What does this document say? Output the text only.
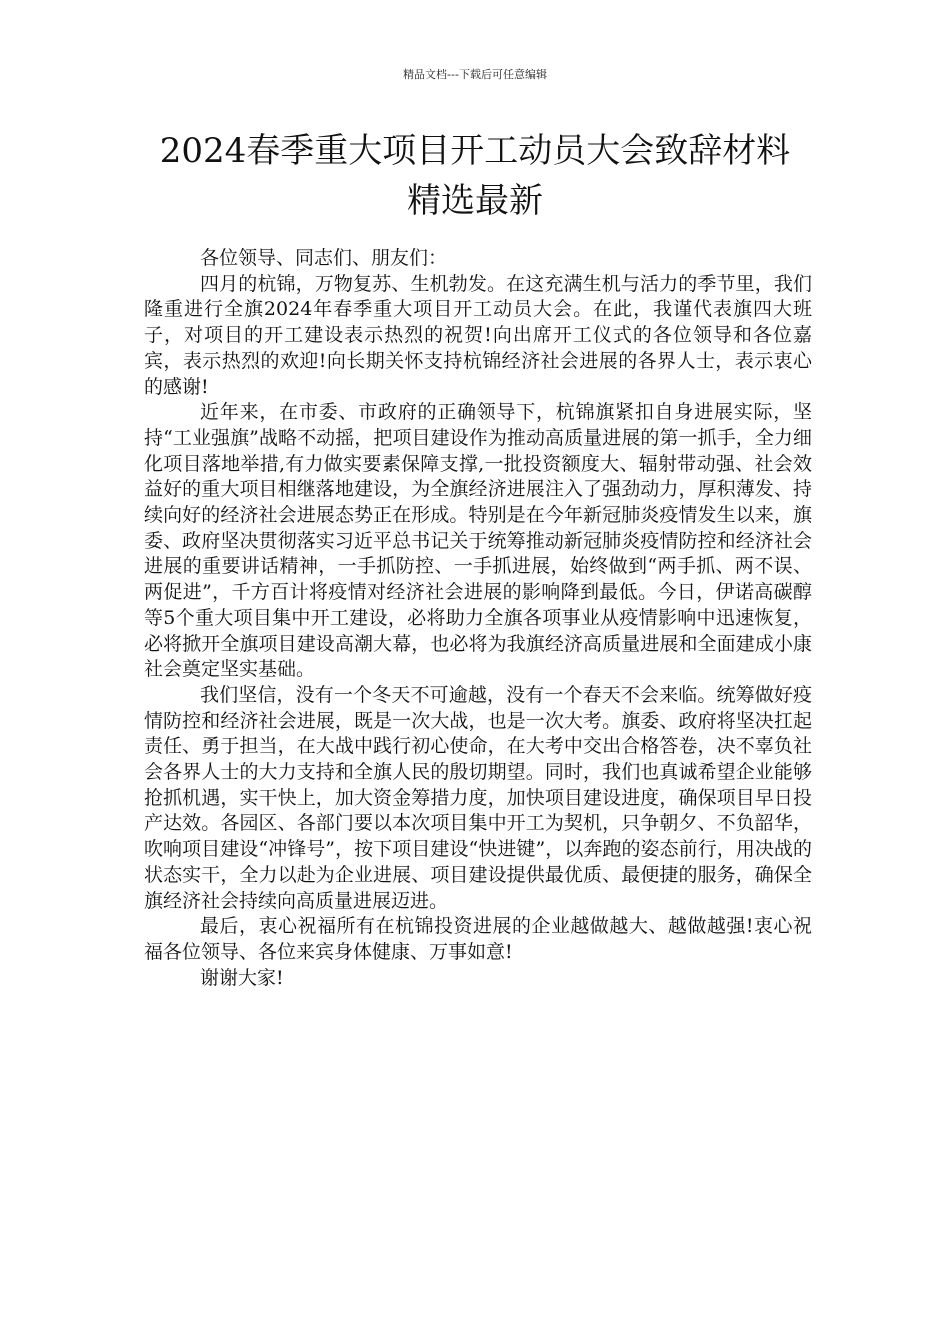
精品文档---下载后可任意编辑
2024春季重大项目开工动员大会致辞材料
精选最新

各位领导、同志们、朋友们：

四月的杭锦，万物复苏、生机勃发。在这充满生机与活力的季节里，我们隆重进行全旗2024年春季重大项目开工动员大会。在此，我谨代表旗四大班子，对项目的开工建设表示热烈的祝贺!向出席开工仪式的各位领导和各位嘉宾，表示热烈的欢迎!向长期关怀支持杭锦经济社会进展的各界人士，表示衷心的感谢!

近年来，在市委、市政府的正确领导下，杭锦旗紧扣自身进展实际，坚持“工业强旗”战略不动摇，把项目建设作为推动高质量进展的第一抓手，全力细化项目落地举措,有力做实要素保障支撑,一批投资额度大、辐射带动强、社会效益好的重大项目相继落地建设，为全旗经济进展注入了强劲动力，厚积薄发、持续向好的经济社会进展态势正在形成。特别是在今年新冠肺炎疫情发生以来，旗委、政府坚决贯彻落实习近平总书记关于统筹推动新冠肺炎疫情防控和经济社会进展的重要讲话精神，一手抓防控、一手抓进展，始终做到“两手抓、两不误、两促进”，千方百计将疫情对经济社会进展的影响降到最低。今日，伊诺高碳醇等5个重大项目集中开工建设，必将助力全旗各项事业从疫情影响中迅速恢复，必将掀开全旗项目建设高潮大幕，也必将为我旗经济高质量进展和全面建成小康社会奠定坚实基础。

我们坚信，没有一个冬天不可逾越，没有一个春天不会来临。统筹做好疫情防控和经济社会进展，既是一次大战，也是一次大考。旗委、政府将坚决扛起责任、勇于担当，在大战中践行初心使命，在大考中交出合格答卷，决不辜负社会各界人士的大力支持和全旗人民的殷切期望。同时，我们也真诚希望企业能够抢抓机遇，实干快上，加大资金筹措力度，加快项目建设进度，确保项目早日投产达效。各园区、各部门要以本次项目集中开工为契机，只争朝夕、不负韶华，吹响项目建设“冲锋号”，按下项目建设“快进键”，以奔跑的姿态前行，用决战的状态实干，全力以赴为企业进展、项目建设提供最优质、最便捷的服务，确保全旗经济社会持续向高质量进展迈进。

最后，衷心祝福所有在杭锦投资进展的企业越做越大、越做越强!衷心祝福各位领导、各位来宾身体健康、万事如意!

谢谢大家!
